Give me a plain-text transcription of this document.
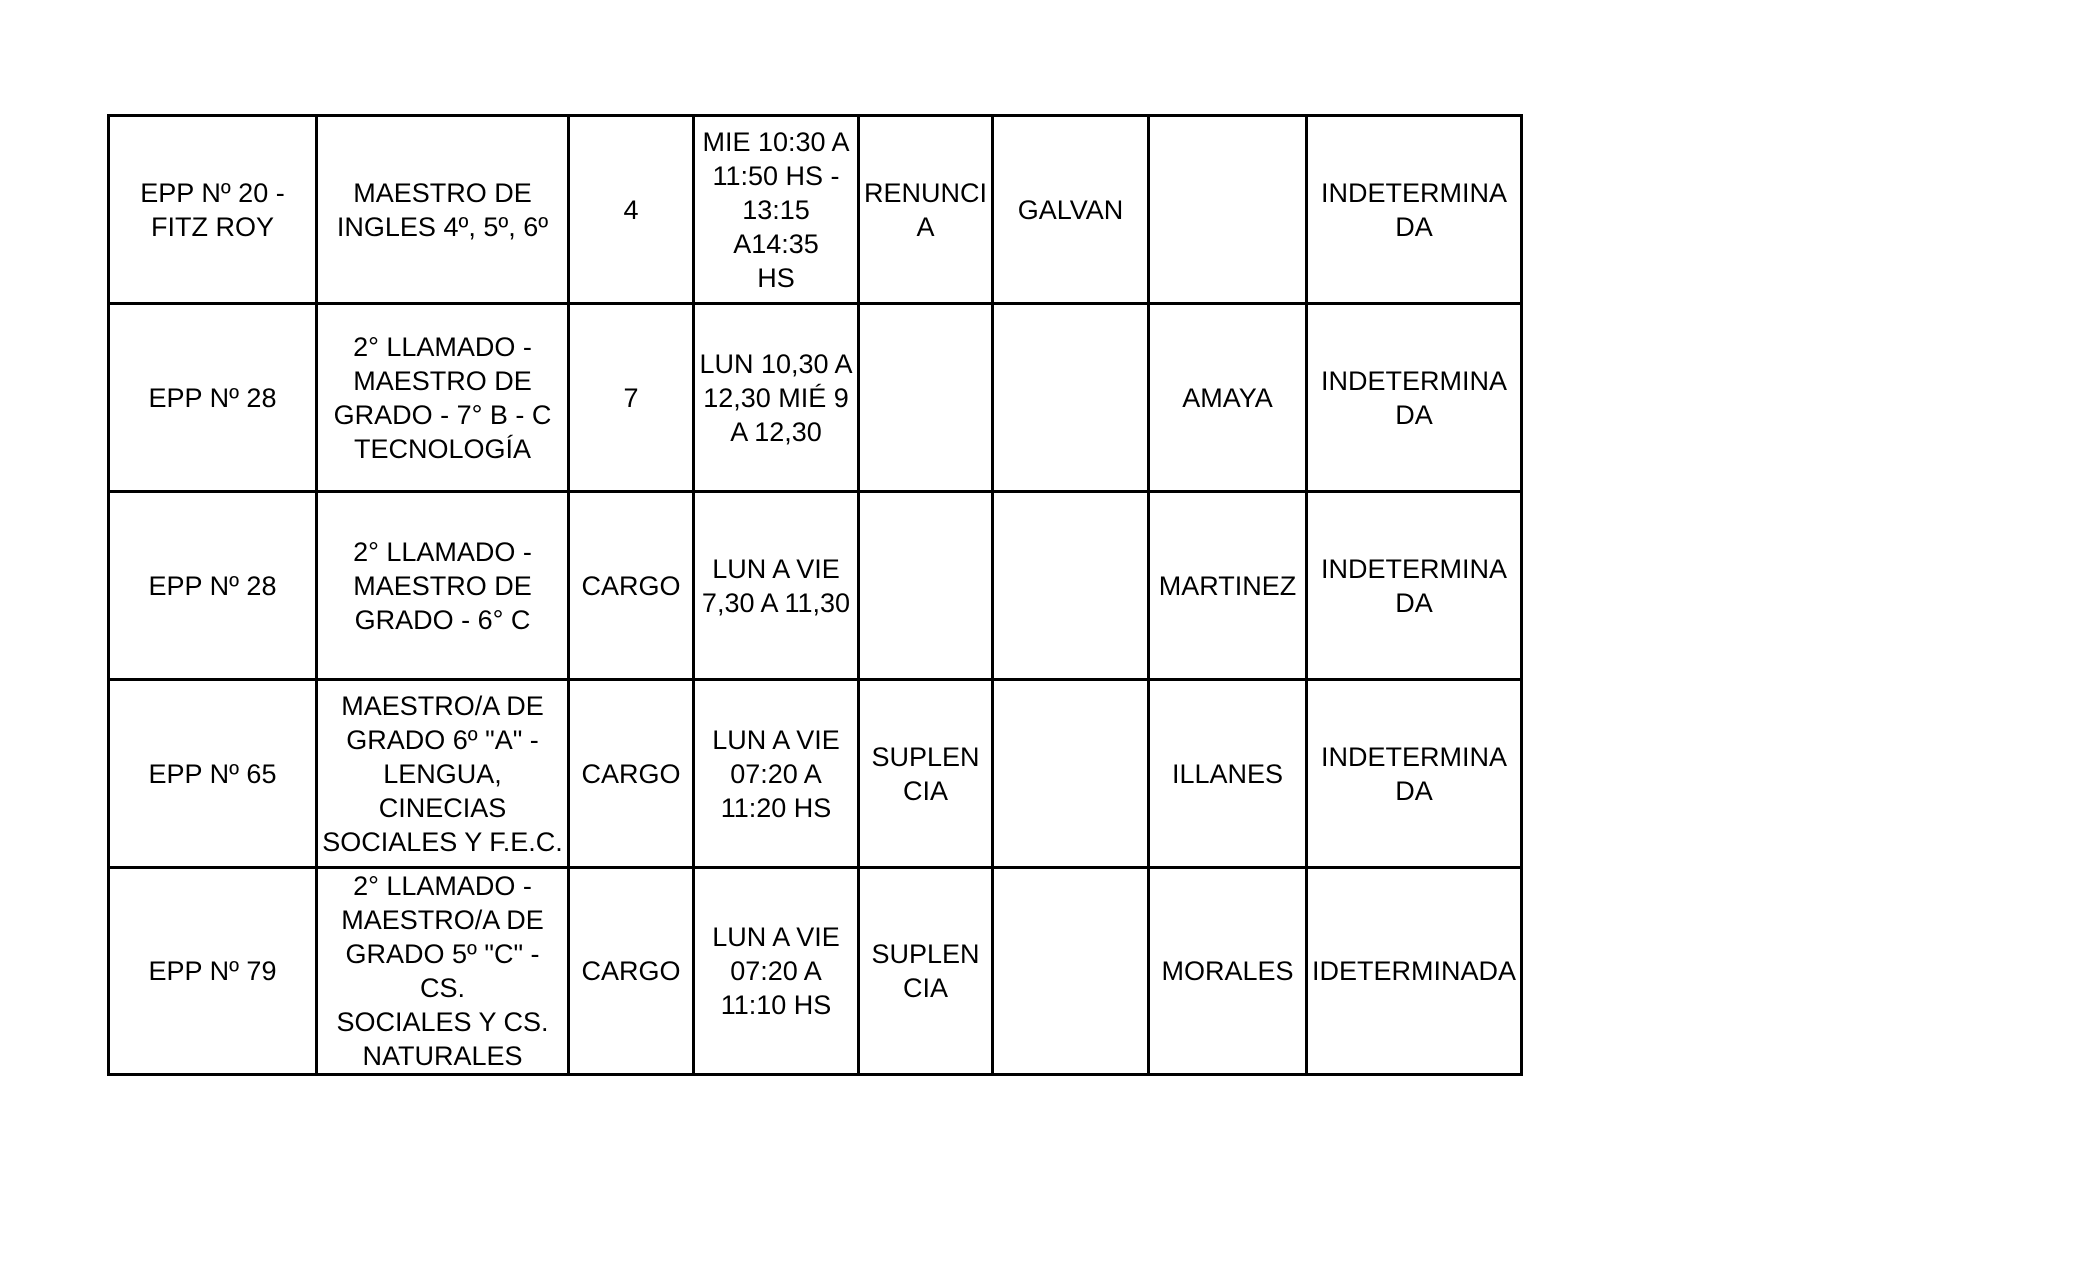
EPP Nº 20 -
FITZ ROY	MAESTRO DE
INGLES 4º, 5º, 6º	4	MIE 10:30 A
11:50 HS -
13:15 A14:35
HS	RENUNCI
A	GALVAN		INDETERMINA
DA

EPP Nº 28	2° LLAMADO -
MAESTRO DE
GRADO - 7° B - C
TECNOLOGÍA	7	LUN 10,30 A
12,30 MIÉ 9
A 12,30			AMAYA	INDETERMINA
DA

EPP Nº 28	2° LLAMADO -
MAESTRO DE
GRADO - 6° C	CARGO	LUN A VIE
7,30 A 11,30			MARTINEZ	INDETERMINA
DA

EPP Nº 65	MAESTRO/A DE
GRADO 6º "A" -
LENGUA,
CINECIAS
SOCIALES Y F.E.C.	CARGO	LUN A VIE
07:20 A
11:20 HS	SUPLEN
CIA		ILLANES	INDETERMINA
DA

EPP Nº 79	2° LLAMADO -
MAESTRO/A DE
GRADO 5º "C" - CS.
SOCIALES Y CS.
NATURALES	CARGO	LUN A VIE
07:20 A
11:10 HS	SUPLEN
CIA		MORALES	IDETERMINADA
